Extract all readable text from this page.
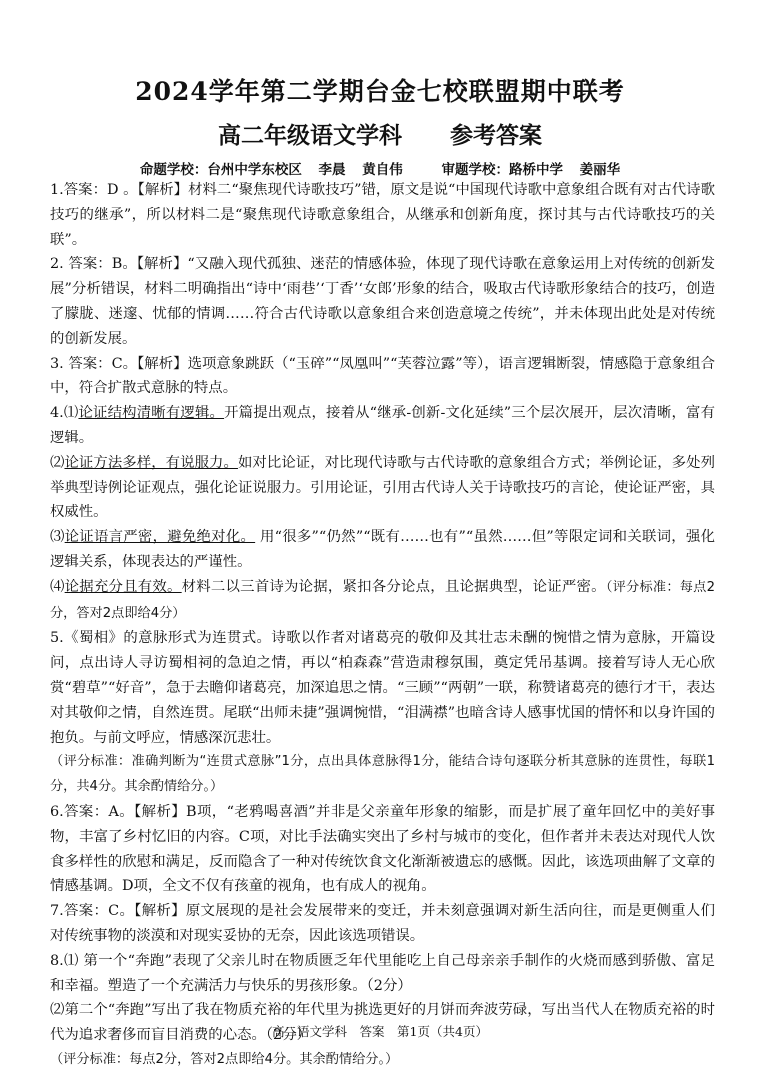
2024学年第二学期台金七校联盟期中联考
高二年级语文学科 参考答案
命题学校：台州中学东校区 李晨 黄自伟	审题学校：路桥中学 姜丽华

1.答案：D 。【解析】材料二“聚焦现代诗歌技巧”错，原文是说“中国现代诗歌中意象组合既有对古代诗歌技巧的继承”，所以材料二是“聚焦现代诗歌意象组合，从继承和创新角度，探讨其与古代诗歌技巧的关联”。

2. 答案：B。【解析】“又融入现代孤独、迷茫的情感体验，体现了现代诗歌在意象运用上对传统的创新发展”分析错误，材料二明确指出“诗中‘雨巷’‘丁香’‘女郎’形象的结合，吸取古代诗歌形象结合的技巧，创造了朦胧、迷邃、忧郁的情调……符合古代诗歌以意象组合来创造意境之传统”，并未体现出此处是对传统的创新发展。

3. 答案：C。【解析】选项意象跳跃（“玉碎”“凤凰叫”“芙蓉泣露”等），语言逻辑断裂，情感隐于意象组合中，符合扩散式意脉的特点。

4.⑴论证结构清晰有逻辑。开篇提出观点，接着从“继承-创新-文化延续”三个层次展开，层次清晰，富有逻辑。

⑵论证方法多样，有说服力。如对比论证，对比现代诗歌与古代诗歌的意象组合方式；举例论证，多处列举典型诗例论证观点，强化论证说服力。引用论证，引用古代诗人关于诗歌技巧的言论，使论证严密，具权威性。

⑶论证语言严密，避免绝对化。 用“很多”“仍然”“既有……也有”“虽然……但”等限定词和关联词，强化逻辑关系，体现表达的严谨性。

⑷论据充分且有效。材料二以三首诗为论据，紧扣各分论点，且论据典型，论证严密。（评分标准：每点2分，答对2点即给4分）

5.《蜀相》的意脉形式为连贯式。诗歌以作者对诸葛亮的敬仰及其壮志未酬的惋惜之情为意脉，开篇设问，点出诗人寻访蜀相祠的急迫之情，再以“柏森森”营造肃穆氛围，奠定凭吊基调。接着写诗人无心欣赏“碧草”“好音”，急于去瞻仰诸葛亮，加深追思之情。“三顾”“两朝”一联，称赞诸葛亮的德行才干，表达对其敬仰之情，自然连贯。尾联“出师未捷”强调惋惜，“泪满襟”也暗含诗人感事忧国的情怀和以身许国的抱负。与前文呼应，情感深沉悲壮。

（评分标准：准确判断为“连贯式意脉”1分，点出具体意脉得1分，能结合诗句逐联分析其意脉的连贯性，每联1分，共4分。其余酌情给分。）

6.答案：A。【解析】B项，“老鸦喝喜酒”并非是父亲童年形象的缩影，而是扩展了童年回忆中的美好事物，丰富了乡村忆旧的内容。C项，对比手法确实突出了乡村与城市的变化，但作者并未表达对现代人饮食多样性的欣慰和满足，反而隐含了一种对传统饮食文化渐渐被遗忘的感慨。因此，该选项曲解了文章的情感基调。D项，全文不仅有孩童的视角，也有成人的视角。

7.答案：C。【解析】原文展现的是社会发展带来的变迁，并未刻意强调对新生活向往，而是更侧重人们对传统事物的淡漠和对现实妥协的无奈，因此该选项错误。

8.⑴ 第一个“奔跑”表现了父亲儿时在物质匮乏年代里能吃上自己母亲亲手制作的火烧而感到骄傲、富足和幸福。塑造了一个充满活力与快乐的男孩形象。（2分）

⑵第二个“奔跑”写出了我在物质充裕的年代里为挑选更好的月饼而奔波劳碌，写出当代人在物质充裕的时代为追求奢侈而盲目消费的心态。（2分）

（评分标准：每点2分，答对2点即给4分。其余酌情给分。）

高二语文学科　答案　第1页（共4页）
